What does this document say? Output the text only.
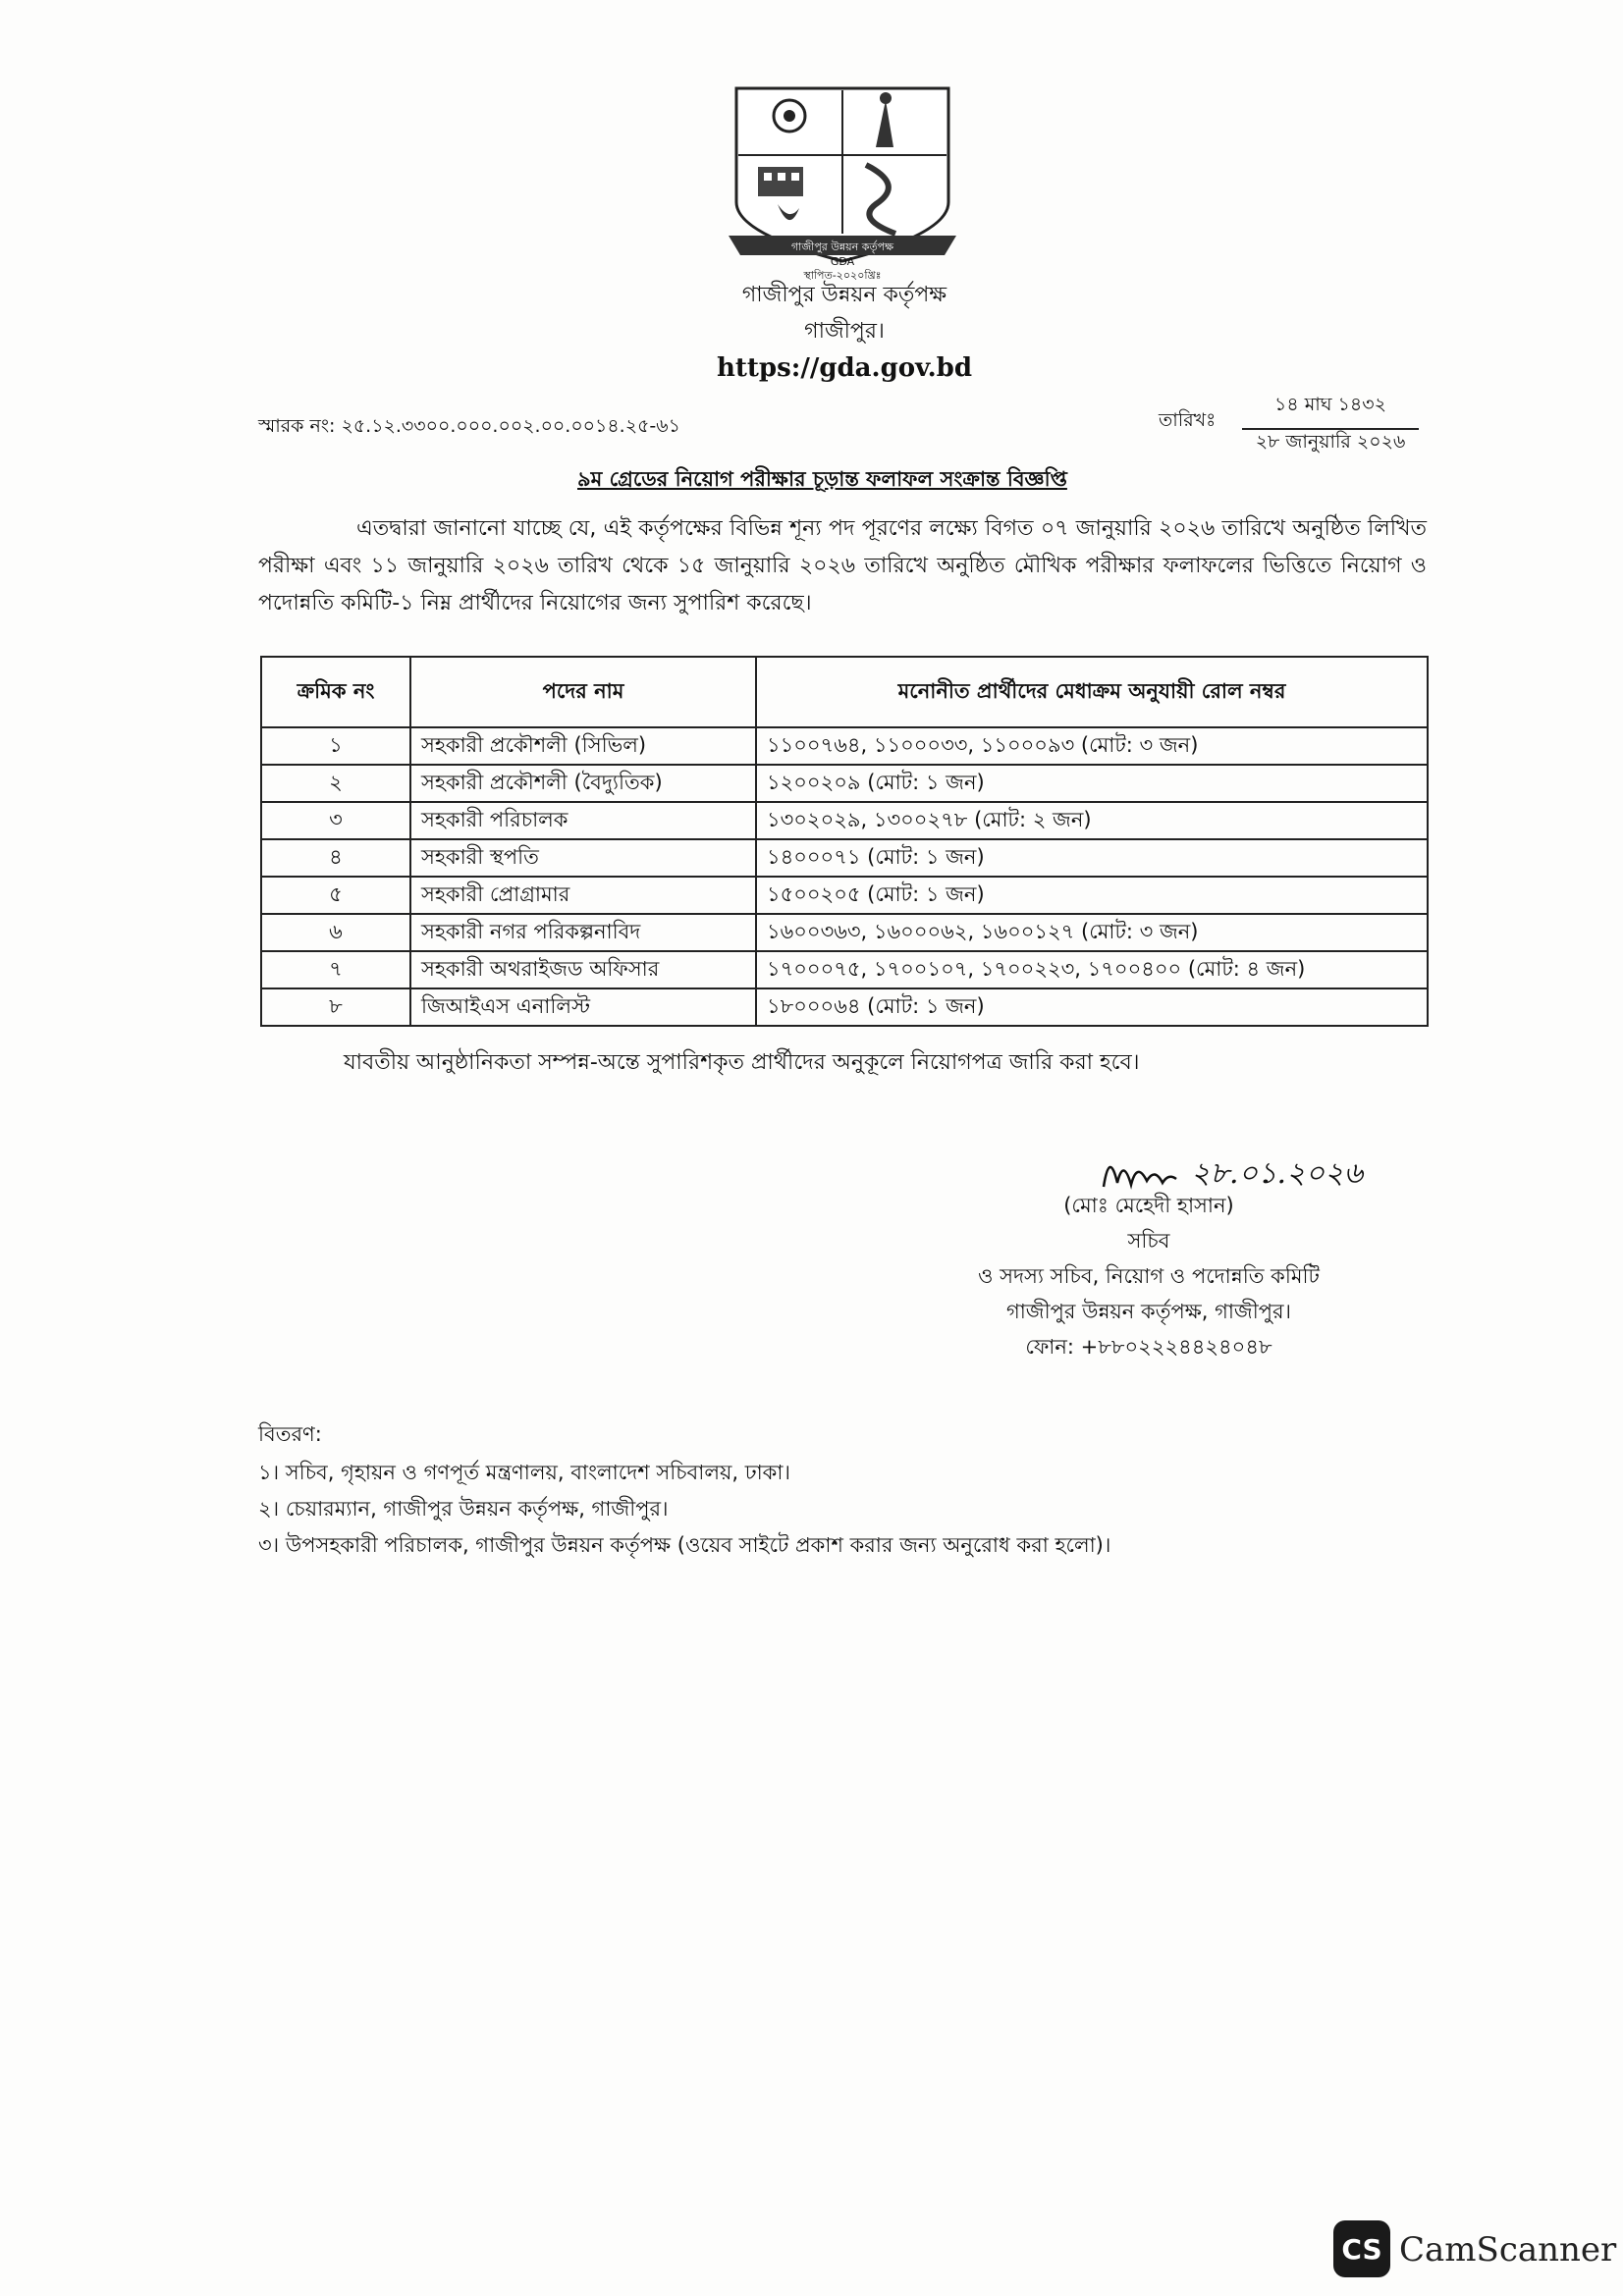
গাজীপুর উন্নয়ন কর্তৃপক্ষ
GDA
স্থাপিত-২০২০খ্রিঃ
গাজীপুর উন্নয়ন কর্তৃপক্ষ
গাজীপুর।
https://gda.gov.bd
স্মারক নং: ২৫.১২.৩৩০০.০০০.০০২.০০.০০১৪.২৫-৬১	তারিখঃ
১৪ মাঘ ১৪৩২
২৮ জানুয়ারি ২০২৬
৯ম গ্রেডের নিয়োগ পরীক্ষার চূড়ান্ত ফলাফল সংক্রান্ত বিজ্ঞপ্তি
এতদ্বারা জানানো যাচ্ছে যে, এই কর্তৃপক্ষের বিভিন্ন শূন্য পদ পূরণের লক্ষ্যে বিগত ০৭ জানুয়ারি ২০২৬ তারিখে অনুষ্ঠিত লিখিত পরীক্ষা এবং ১১ জানুয়ারি ২০২৬ তারিখ থেকে ১৫ জানুয়ারি ২০২৬ তারিখে অনুষ্ঠিত মৌখিক পরীক্ষার ফলাফলের ভিত্তিতে নিয়োগ ও পদোন্নতি কমিটি-১ নিম্ন প্রার্থীদের নিয়োগের জন্য সুপারিশ করেছে।
ক্রমিক নং	পদের নাম	মনোনীত প্রার্থীদের মেধাক্রম অনুযায়ী রোল নম্বর
১	সহকারী প্রকৌশলী (সিভিল)	১১০০৭৬৪, ১১০০০৩৩, ১১০০০৯৩ (মোট: ৩ জন)
২	সহকারী প্রকৌশলী (বৈদ্যুতিক)	১২০০২০৯ (মোট: ১ জন)
৩	সহকারী পরিচালক	১৩০২০২৯, ১৩০০২৭৮ (মোট: ২ জন)
৪	সহকারী স্থপতি	১৪০০০৭১ (মোট: ১ জন)
৫	সহকারী প্রোগ্রামার	১৫০০২০৫ (মোট: ১ জন)
৬	সহকারী নগর পরিকল্পনাবিদ	১৬০০৩৬৩, ১৬০০০৬২, ১৬০০১২৭ (মোট: ৩ জন)
৭	সহকারী অথরাইজড অফিসার	১৭০০০৭৫, ১৭০০১০৭, ১৭০০২২৩, ১৭০০৪০০ (মোট: ৪ জন)
৮	জিআইএস এনালিস্ট	১৮০০০৬৪ (মোট: ১ জন)
যাবতীয় আনুষ্ঠানিকতা সম্পন্ন-অন্তে সুপারিশকৃত প্রার্থীদের অনুকূলে নিয়োগপত্র জারি করা হবে।
২৮.০১.২০২৬
(মোঃ মেহেদী হাসান)
সচিব
ও সদস্য সচিব, নিয়োগ ও পদোন্নতি কমিটি
গাজীপুর উন্নয়ন কর্তৃপক্ষ, গাজীপুর।
ফোন: +৮৮০২২২৪৪২৪০৪৮
বিতরণ:
১। সচিব, গৃহায়ন ও গণপূর্ত মন্ত্রণালয়, বাংলাদেশ সচিবালয়, ঢাকা।
২। চেয়ারম্যান, গাজীপুর উন্নয়ন কর্তৃপক্ষ, গাজীপুর।
৩। উপসহকারী পরিচালক, গাজীপুর উন্নয়ন কর্তৃপক্ষ (ওয়েব সাইটে প্রকাশ করার জন্য অনুরোধ করা হলো)।
CS CamScanner
